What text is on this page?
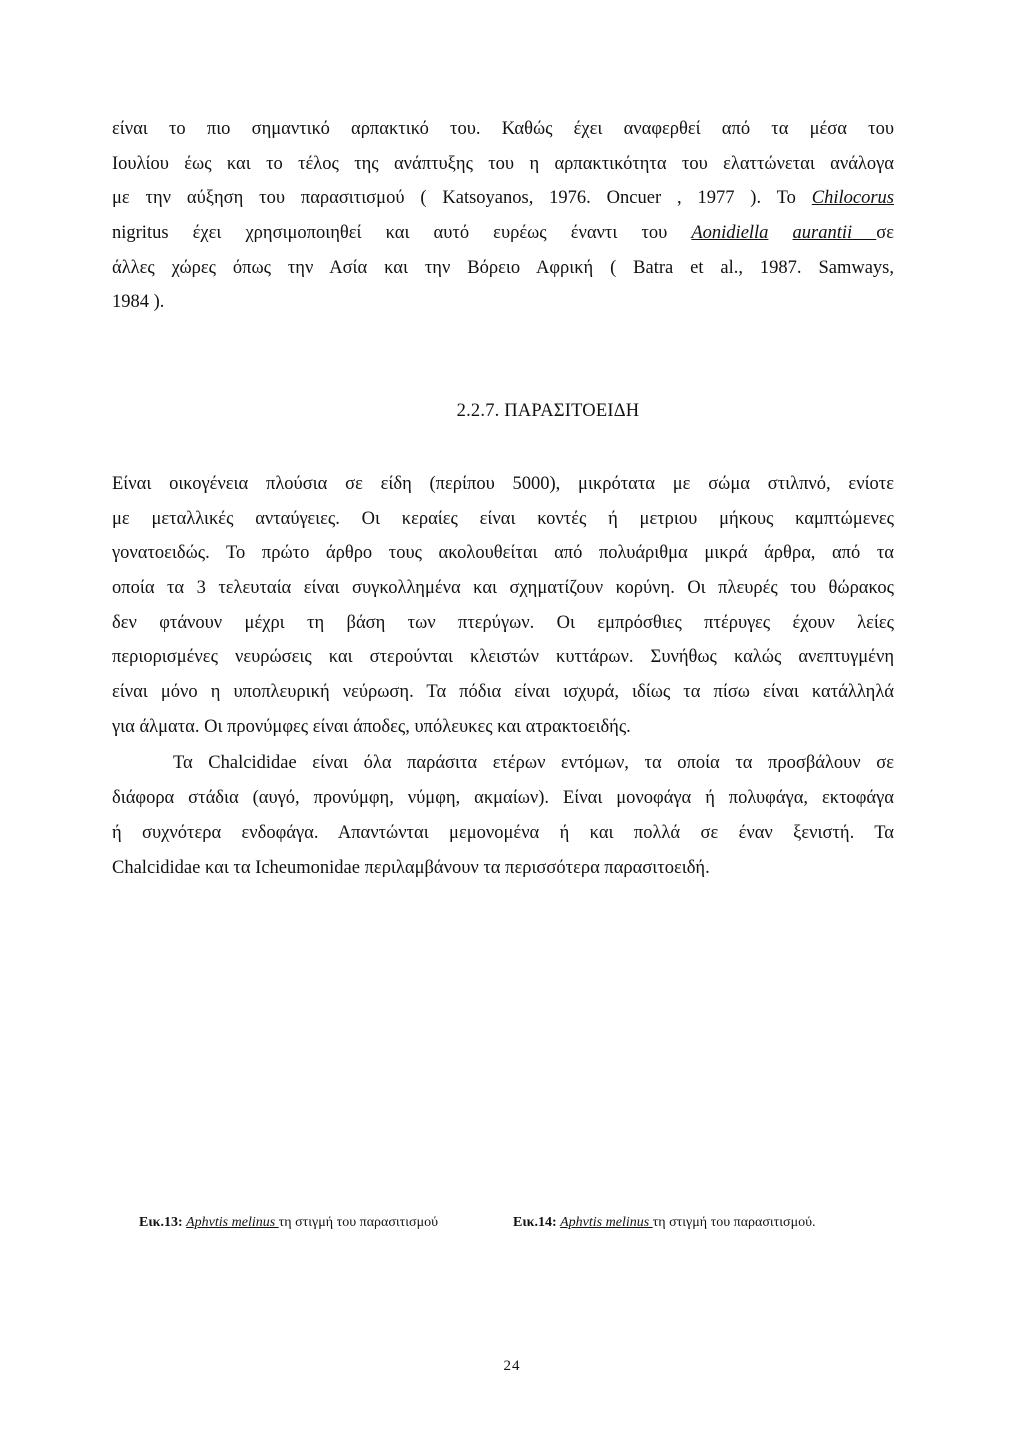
είναι το πιο σημαντικό αρπακτικό του. Καθώς έχει αναφερθεί από τα μέσα του
Ιουλίου έως και το τέλος της ανάπτυξης του η αρπακτικότητα του ελαττώνεται ανάλογα
με την αύξηση του παρασιτισμού ( Katsoyanos, 1976. Oncuer , 1977 ). Το Chilocorus
nigritus έχει χρησιμοποιηθεί και αυτό ευρέως έναντι του Aonidiella aurantii σε
άλλες χώρες όπως την Ασία και την Βόρειο Αφρική ( Batra et al., 1987. Samways,
1984 ).
2.2.7. ΠΑΡΑΣΙΤΟΕΙΔΗ
Είναι οικογένεια πλούσια σε είδη (περίπου 5000), μικρότατα με σώμα στιλπνό, ενίοτε
με μεταλλικές ανταύγειες. Οι κεραίες είναι κοντές ή μετριου μήκους καμπτώμενες
γονατοειδώς. Το πρώτο άρθρο τους ακολουθείται από πολυάριθμα μικρά άρθρα, από τα
οποία τα 3 τελευταία είναι συγκολλημένα και σχηματίζουν κορύνη. Οι πλευρές του θώρακος
δεν φτάνουν μέχρι τη βάση των πτερύγων. Οι εμπρόσθιες πτέρυγες έχουν λείες
περιορισμένες νευρώσεις και στερούνται κλειστών κυττάρων. Συνήθως καλώς ανεπτυγμένη
είναι μόνο η υποπλευρική νεύρωση. Τα πόδια είναι ισχυρά, ιδίως τα πίσω είναι κατάλληλά
για άλματα. Οι προνύμφες είναι άποδες, υπόλευκες και ατρακτοειδής.
Τα Chalcididae είναι όλα παράσιτα ετέρων εντόμων, τα οποία τα προσβάλουν σε
διάφορα στάδια (αυγό, προνύμφη, νύμφη, ακμαίων). Είναι μονοφάγα ή πολυφάγα, εκτοφάγα
ή συχνότερα ενδοφάγα. Απαντώνται μεμονομένα ή και πολλά σε έναν ξενιστή. Τα
Chalcididae και τα Icheumonidae περιλαμβάνουν τα περισσότερα παρασιτοειδή.
Εικ.13: Aphvtis melinus τη στιγμή του παρασιτισμού	Εικ.14: Aphvtis melinus τη στιγμή του παρασιτισμού.
24
